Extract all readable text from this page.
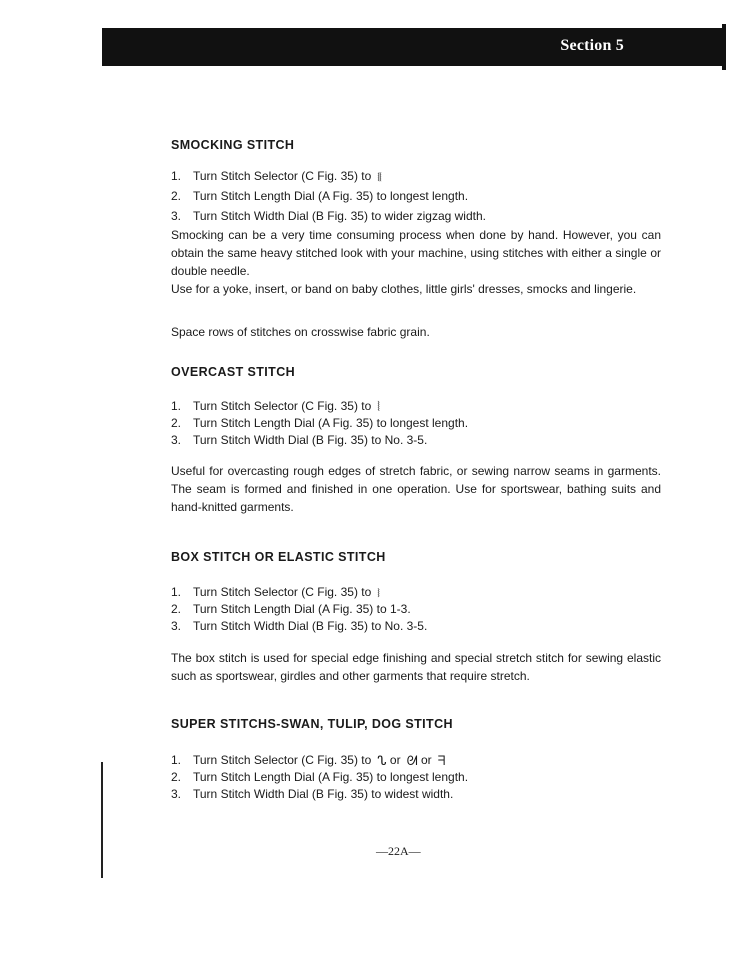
Section 5
SMOCKING STITCH
1. Turn Stitch Selector (C Fig. 35) to ⧛
2. Turn Stitch Length Dial (A Fig. 35) to longest length.
3. Turn Stitch Width Dial (B Fig. 35) to wider zigzag width.
Smocking can be a very time consuming process when done by hand. However, you can obtain the same heavy stitched look with your machine, using stitches with either a single or double needle.
Use for a yoke, insert, or band on baby clothes, little girls' dresses, smocks and lingerie.
Space rows of stitches on crosswise fabric grain.
OVERCAST STITCH
1. Turn Stitch Selector (C Fig. 35) to ⦚
2. Turn Stitch Length Dial (A Fig. 35) to longest length.
3. Turn Stitch Width Dial (B Fig. 35) to No. 3-5.
Useful for overcasting rough edges of stretch fabric, or sewing narrow seams in garments. The seam is formed and finished in one operation. Use for sportswear, bathing suits and hand-knitted garments.
BOX STITCH OR ELASTIC STITCH
1. Turn Stitch Selector (C Fig. 35) to ⧘
2. Turn Stitch Length Dial (A Fig. 35) to 1-3.
3. Turn Stitch Width Dial (B Fig. 35) to No. 3-5.
The box stitch is used for special edge finishing and special stretch stitch for sewing elastic such as sportswear, girdles and other garments that require stretch.
SUPER STITCHS-SWAN, TULIP, DOG STITCH
1. Turn Stitch Selector (C Fig. 35) to ᔐ or ᘛ or ᖷ
2. Turn Stitch Length Dial (A Fig. 35) to longest length.
3. Turn Stitch Width Dial (B Fig. 35) to widest width.
—22A—
